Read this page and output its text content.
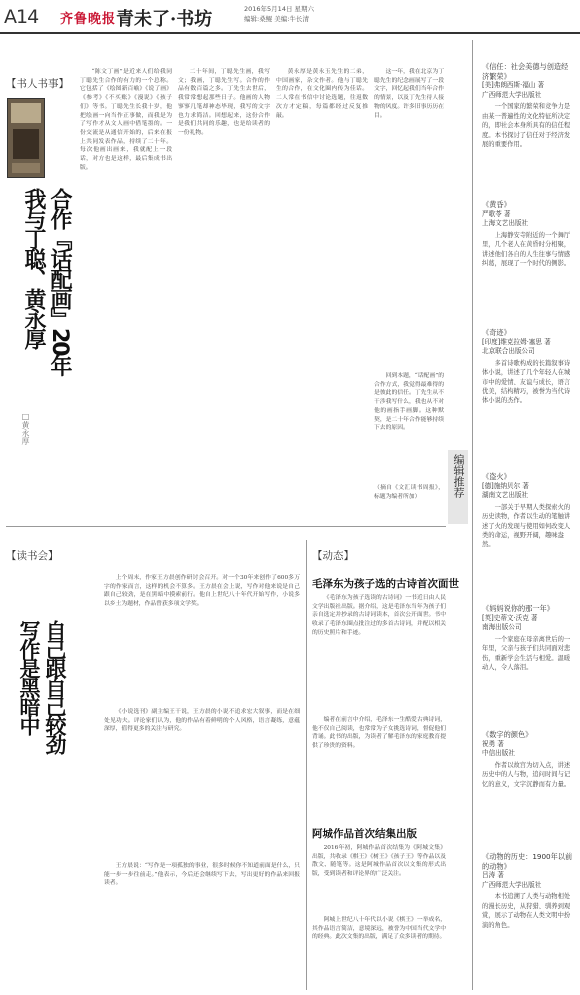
A14 齐鲁晚报 青未了·书坊	2016年5月14日 星期六
编辑:桑鲲 美编:牛长清
【书人书事】
合作『话配画』20年
我与丁聪、黄永厚
□黄永厚
“陈文丁画”是近来人们给我同丁聪先生合作的有力的一个总称。它包括了《绘图新百喻》《说了画》《参考》《不买账》《漫说》《孩子们》等书。丁聪先生长我十岁，他把绘画一向当作正事做，而我是为了写作才从文人画中借笔墨的。一份交流是从通信开始的，后来在报上共同发表作品，持续了二十年。每次他画出画来，我就配上一段话，对方也是这样，最后集成书出版。
二十年间，丁聪先生画，我写文；我画，丁聪先生写。合作的作品有数百篇之多。丁先生去世后，我常常想起那些日子。他画的人物寥寥几笔却神态毕现，我写的文字也力求简洁。回想起来，这份合作是我们共同的乐趣，也是给读者的一份礼物。
黄永厚是黄永玉先生的二弟，中国画家，杂文作者。他与丁聪先生的合作，在文化圈内传为佳话。二人常在书信中讨论选题，往返数次方才定稿，每篇都经过反复推敲。
这一年，我在北京为丁聪先生的纪念画展写了一段文字，回忆起我们当年合作的情景，以及丁先生待人接物的风度。许多旧事历历在目。
回到本题，“话配画”的合作方式，我觉得最难得的是彼此的信任。丁先生从不干涉我写什么，我也从不对他的画指手画脚。这种默契，是二十年合作能够持续下去的原因。
（摘自《文汇读书周报》，标题为编者所加）
【读书会】
自己跟自己较劲
写作是黑暗中
上个周末，作家王方晨创作研讨会召开。对一个30年来创作了600多万字的作家而言，这样的机会不算多。王方晨在会上说，写作对他来说是自己跟自己较劲，是在黑暗中摸索前行。他自上世纪八十年代开始写作，小说多以乡土为题材，作品曾获多项文学奖。
《小说选刊》副主编王干说，王方晨的小说不追求宏大叙事，而是在细处见功夫。评论家们认为，他的作品有着鲜明的个人风格，语言凝练，意蕴深厚，值得更多的关注与研究。
王方晨说：“写作是一项孤独的事业，很多时候你不知道前面是什么，只能一步一步往前走。”他表示，今后还会继续写下去，写出更好的作品来回报读者。
【动态】
毛泽东为孩子选的古诗首次面世
《毛泽东为孩子选读的古诗词》一书近日由人民文学出版社出版。据介绍，这是毛泽东当年为孩子们亲自选定并抄录的古诗词读本，首次公开面世。书中收录了毛泽东圈点批注过的多首古诗词，并配以相关的历史照片和手迹。
编者在前言中介绍，毛泽东一生酷爱古典诗词，他不仅自己阅读，也常常为子女挑选诗词，督促他们背诵。此书的出版，为读者了解毛泽东的家庭教育提供了珍贵的资料。
阿城作品首次结集出版
2016年初，阿城作品首次结集为《阿城文集》出版，共收录《棋王》《树王》《孩子王》等作品以及散文、随笔等。这是阿城作品首次以文集的形式出版，受到读者和评论界的广泛关注。
阿城上世纪八十年代以小说《棋王》一举成名，其作品语言简洁，意境深远，被誉为中国当代文学中的经典。此次文集的出版，满足了众多读者的期待。
编辑推荐
《信任：社会美德与创造经济繁荣》
[美]弗朗西斯·福山 著
广西师范大学出版社
一个国家的繁荣和竞争力是由某一普遍性的文化特征所决定的，即社会本身所具有的信任程度。本书探讨了信任对于经济发展的重要作用。
《黄昏》
严歌苓 著
上海文艺出版社
上海静安寺附近的一个舞厅里，几个老人在黄昏时分相聚，讲述他们各自的人生往事与情感纠葛，展现了一个时代的侧影。
《奇迹》
[印度]维克拉姆·塞思 著
北京联合出版公司
多首诗歌构成的长篇叙事诗体小说，讲述了几个年轻人在城市中的爱情、友谊与成长，语言优美，结构精巧，被誉为当代诗体小说的杰作。
《盗火》
[德]施纳贝尔 著
湖南文艺出版社
一部关于早期人类探索火的历史读物，作者以生动的笔触讲述了火的发现与使用如何改变人类的命运，视野开阔，趣味盎然。
《妈妈说你的那一年》
[英]史蒂文·沃克 著
南海出版公司
一个家庭在母亲离世后的一年里，父亲与孩子们共同面对悲伤，重新学会生活与相爱。温暖动人，令人落泪。
《数字的颜色》
祝勇 著
中信出版社
作者以故宫为切入点，讲述历史中的人与物，追问时间与记忆的意义，文字沉静而有力量。
《动物的历史：1900年以前的动物》
吕涛 著
广西师范大学出版社
本书追溯了人类与动物相处的漫长历史，从狩猎、驯养到观赏，展示了动物在人类文明中扮演的角色。
